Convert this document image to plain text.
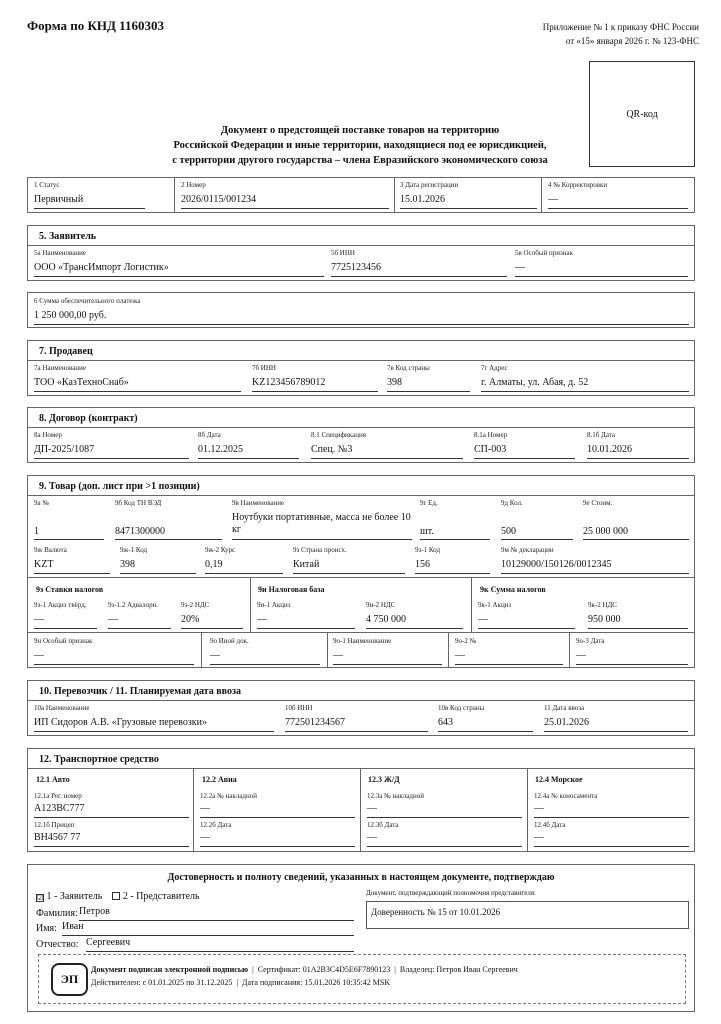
Форма по КНД 1160303	Приложение № 1 к приказу ФНС России
от «15» января 2026 г. № 123-ФНС
QR-код
Документ о предстоящей поставке товаров на территорию
Российской Федерации и иные территории, находящиеся под ее юрисдикцией,
с территории другого государства – члена Евразийского экономического союза
1 Статус
Первичный
2 Номер
2026/0115/001234
3 Дата регистрации
15.01.2026
4 № Корректировки
—
5. Заявитель
5а Наименование
ООО «ТрансИмпорт Логистик»
5б ИНН
7725123456
5в Особый признак
—
6 Сумма обеспечительного платежа
1 250 000,00 руб.
7. Продавец
7а Наименование
ТОО «КазТехноСнаб»
7б ИНН
KZ123456789012
7в Код страны
398
7г Адрес
г. Алматы, ул. Абая, д. 52
8. Договор (контракт)
8а Номер
ДП-2025/1087
8б Дата
01.12.2025
8.1 Спецификация
Спец. №3
8.1а Номер
СП-003
8.1б Дата
10.01.2026
9. Товар (доп. лист при >1 позиции)
9а №
1
9б Код ТН ВЭД
8471300000
9в Наименование
Ноутбуки портативные, масса не более 10 кг
9г Ед.
шт.
9д Кол.
500
9е Стоим.
25 000 000
9ж Валюта
KZT
9ж-1 Код
398
9ж-2 Курс
0,19
9з Страна происх.
Китай
9з-1 Код
156
9м № декларации
10129000/150126/0012345
9з Ставки налогов	9и Налоговая база	9к Сумма налогов
9з-1 Акциз твёрд.
—
9з-1.2 Адвалорн.
—
9з-2 НДС
20%
9и-1 Акциз
—
9и-2 НДС
4 750 000
9к-1 Акциз
—
9к-2 НДС
950 000
9н Особый признак
—
9о Иной док.
—
9о-1 Наименование
—
9о-2 №
—
9о-3 Дата
—
10. Перевозчик / 11. Планируемая дата ввоза
10а Наименование
ИП Сидоров А.В. «Грузовые перевозки»
10б ИНН
772501234567
10в Код страны
643
11 Дата ввоза
25.01.2026
12. Транспортное средство
12.1 Авто	12.2 Авиа	12.3 Ж/Д	12.4 Морское
12.1а Рег. номер
А123ВС777
12.1б Прицеп
ВН4567 77
12.2а № накладной
—
12.2б Дата
—
12.3а № накладной
—
12.3б Дата
—
12.4а № коносамента
—
12.4б Дата
—
Достоверность и полноту сведений, указанных в настоящем документе, подтверждаю
☑ 1 - Заявитель 2 - Представитель
Фамилия: Петров
Имя: Иван
Отчество: Сергеевич
Документ, подтверждающий полномочия представителя:
Доверенность № 15 от 10.01.2026
ЭП
Документ подписан электронной подписью | Сертификат: 01A2B3C4D5E6F7890123 | Владелец: Петров Иван Сергеевич
Действителен: с 01.01.2025 по 31.12.2025 | Дата подписания: 15.01.2026 10:35:42 MSK
